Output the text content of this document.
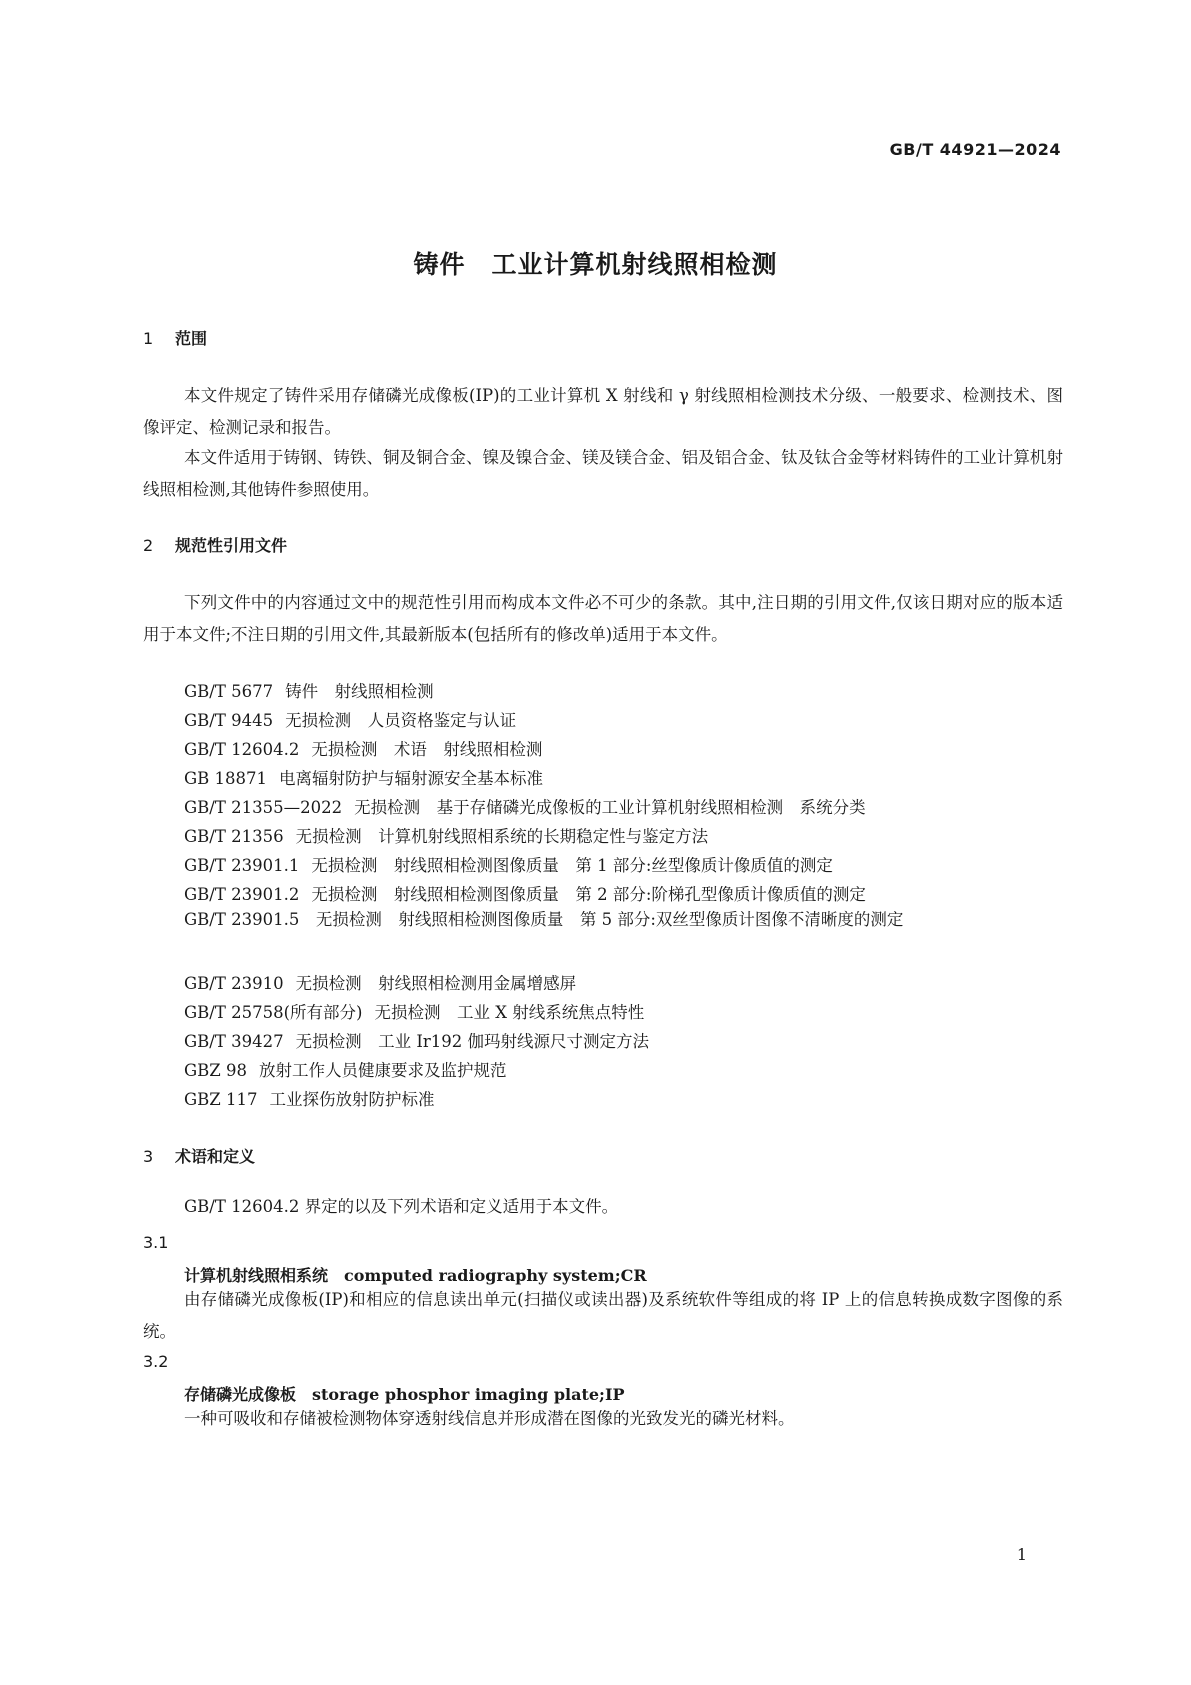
GB/T 44921—2024
铸件　工业计算机射线照相检测
1 范围

本文件规定了铸件采用存储磷光成像板(IP)的工业计算机 X 射线和 γ 射线照相检测技术分级、一般要求、检测技术、图像评定、检测记录和报告。

本文件适用于铸钢、铸铁、铜及铜合金、镍及镍合金、镁及镁合金、铝及铝合金、钛及钛合金等材料铸件的工业计算机射线照相检测,其他铸件参照使用。

2 规范性引用文件

下列文件中的内容通过文中的规范性引用而构成本文件必不可少的条款。其中,注日期的引用文件,仅该日期对应的版本适用于本文件;不注日期的引用文件,其最新版本(包括所有的修改单)适用于本文件。

GB/T 5677 铸件　射线照相检测
GB/T 9445 无损检测　人员资格鉴定与认证
GB/T 12604.2 无损检测　术语　射线照相检测
GB 18871 电离辐射防护与辐射源安全基本标准
GB/T 21355—2022 无损检测　基于存储磷光成像板的工业计算机射线照相检测　系统分类
GB/T 21356 无损检测　计算机射线照相系统的长期稳定性与鉴定方法
GB/T 23901.1 无损检测　射线照相检测图像质量　第 1 部分:丝型像质计像质值的测定
GB/T 23901.2 无损检测　射线照相检测图像质量　第 2 部分:阶梯孔型像质计像质值的测定

GB/T 23901.5　 无损检测　射线照相检测图像质量　第 5 部分:双丝型像质计图像不清晰度的测定

GB/T 23910 无损检测　射线照相检测用金属增感屏
GB/T 25758(所有部分) 无损检测　工业 X 射线系统焦点特性
GB/T 39427 无损检测　工业 Ir192 伽玛射线源尺寸测定方法
GBZ 98 放射工作人员健康要求及监护规范
GBZ 117 工业探伤放射防护标准
3 术语和定义

GB/T 12604.2 界定的以及下列术语和定义适用于本文件。

3.1
计算机射线照相系统 computed radiography system;CR

由存储磷光成像板(IP)和相应的信息读出单元(扫描仪或读出器)及系统软件等组成的将 IP 上的信息转换成数字图像的系统。

3.2
存储磷光成像板 storage phosphor imaging plate;IP

一种可吸收和存储被检测物体穿透射线信息并形成潜在图像的光致发光的磷光材料。

1
